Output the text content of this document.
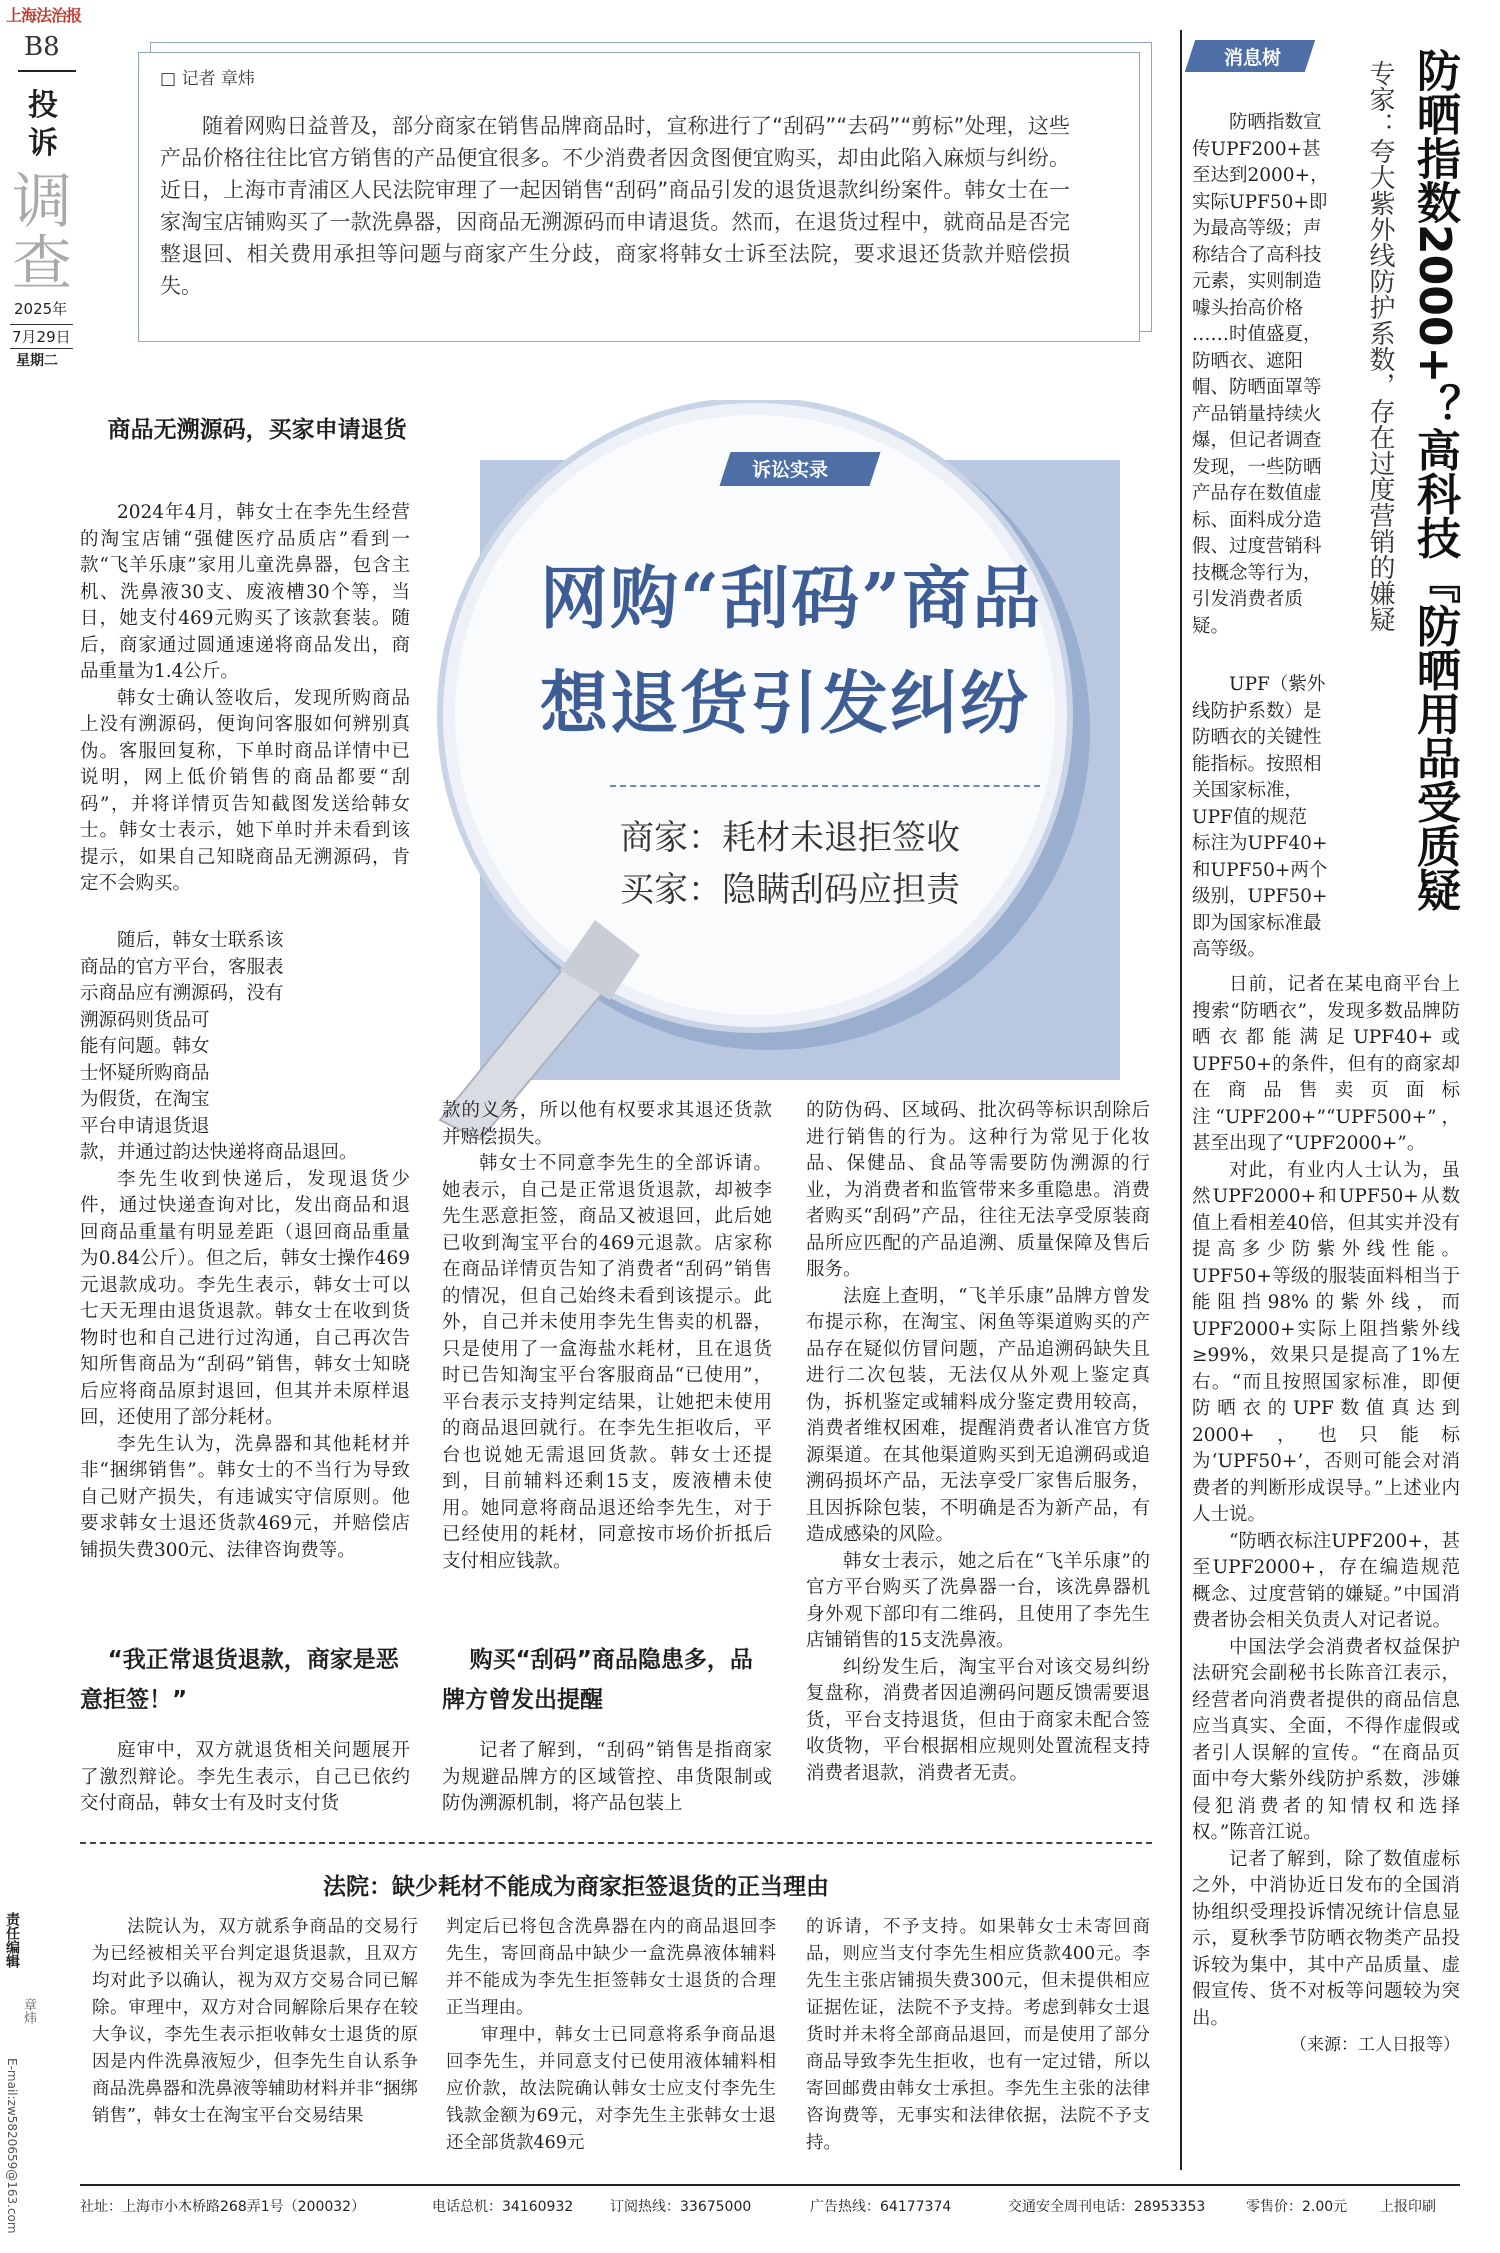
上海法治报
B8
投
诉
调
查
2025年
7月29日
星期二
□ 记者 章炜
随着网购日益普及，部分商家在销售品牌商品时，宣称进行了“刮码”“去码”“剪标”处理，这些产品价格往往比官方销售的产品便宜很多。不少消费者因贪图便宜购买，却由此陷入麻烦与纠纷。近日，上海市青浦区人民法院审理了一起因销售“刮码”商品引发的退货退款纠纷案件。韩女士在一家淘宝店铺购买了一款洗鼻器，因商品无溯源码而申请退货。然而，在退货过程中，就商品是否完整退回、相关费用承担等问题与商家产生分歧，商家将韩女士诉至法院，要求退还货款并赔偿损失。
诉讼实录
网购“刮码”商品
想退货引发纠纷
商家：耗材未退拒签收
买家：隐瞒刮码应担责
商品无溯源码，买家申请退货

2024年4月，韩女士在李先生经营的淘宝店铺“强健医疗品质店”看到一款“飞羊乐康”家用儿童洗鼻器，包含主机、洗鼻液30支、废液槽30个等，当日，她支付469元购买了该款套装。随后，商家通过圆通速递将商品发出，商品重量为1.4公斤。

韩女士确认签收后，发现所购商品上没有溯源码，便询问客服如何辨别真伪。客服回复称，下单时商品详情中已说明，网上低价销售的商品都要“刮码”，并将详情页告知截图发送给韩女士。韩女士表示，她下单时并未看到该提示，如果自己知晓商品无溯源码，肯定不会购买。

随后，韩女士联系该
商品的官方平台，客服表
示商品应有溯源码，没有
溯源码则货品可
能有问题。韩女
士怀疑所购商品
为假货，在淘宝
平台申请退货退

款，并通过韵达快递将商品退回。

李先生收到快递后，发现退货少件，通过快递查询对比，发出商品和退回商品重量有明显差距（退回商品重量为0.84公斤）。但之后，韩女士操作469元退款成功。李先生表示，韩女士可以七天无理由退货退款。韩女士在收到货物时也和自己进行过沟通，自己再次告知所售商品为“刮码”销售，韩女士知晓后应将商品原封退回，但其并未原样退回，还使用了部分耗材。

李先生认为，洗鼻器和其他耗材并非“捆绑销售”。韩女士的不当行为导致自己财产损失，有违诚实守信原则。他要求韩女士退还货款469元，并赔偿店铺损失费300元、法律咨询费等。

“我正常退货退款，商家是恶意拒签！”

庭审中，双方就退货相关问题展开了激烈辩论。李先生表示，自己已依约交付商品，韩女士有及时支付货

款的义务，所以他有权要求其退还货款并赔偿损失。

韩女士不同意李先生的全部诉请。她表示，自己是正常退货退款，却被李先生恶意拒签，商品又被退回，此后她已收到淘宝平台的469元退款。店家称在商品详情页告知了消费者“刮码”销售的情况，但自己始终未看到该提示。此外，自己并未使用李先生售卖的机器，只是使用了一盒海盐水耗材，且在退货时已告知淘宝平台客服商品“已使用”，平台表示支持判定结果，让她把未使用的商品退回就行。在李先生拒收后，平台也说她无需退回货款。韩女士还提到，目前辅料还剩15支，废液槽未使用。她同意将商品退还给李先生，对于已经使用的耗材，同意按市场价折抵后支付相应钱款。

购买“刮码”商品隐患多，品牌方曾发出提醒

记者了解到，“刮码”销售是指商家为规避品牌方的区域管控、串货限制或防伪溯源机制，将产品包装上

的防伪码、区域码、批次码等标识刮除后进行销售的行为。这种行为常见于化妆品、保健品、食品等需要防伪溯源的行业，为消费者和监管带来多重隐患。消费者购买“刮码”产品，往往无法享受原装商品所应匹配的产品追溯、质量保障及售后服务。

法庭上查明，“飞羊乐康”品牌方曾发布提示称，在淘宝、闲鱼等渠道购买的产品存在疑似仿冒问题，产品追溯码缺失且进行二次包装，无法仅从外观上鉴定真伪，拆机鉴定或辅料成分鉴定费用较高，消费者维权困难，提醒消费者认准官方货源渠道。在其他渠道购买到无追溯码或追溯码损坏产品，无法享受厂家售后服务，且因拆除包装，不明确是否为新产品，有造成感染的风险。

韩女士表示，她之后在“飞羊乐康”的官方平台购买了洗鼻器一台，该洗鼻器机身外观下部印有二维码，且使用了李先生店铺销售的15支洗鼻液。

纠纷发生后，淘宝平台对该交易纠纷复盘称，消费者因追溯码问题反馈需要退货，平台支持退货，但由于商家未配合签收货物，平台根据相应规则处置流程支持消费者退款，消费者无责。

法院：缺少耗材不能成为商家拒签退货的正当理由

法院认为，双方就系争商品的交易行为已经被相关平台判定退货退款，且双方均对此予以确认，视为双方交易合同已解除。审理中，双方对合同解除后果存在较大争议，李先生表示拒收韩女士退货的原因是内件洗鼻液短少，但李先生自认系争商品洗鼻器和洗鼻液等辅助材料并非“捆绑销售”，韩女士在淘宝平台交易结果

判定后已将包含洗鼻器在内的商品退回李先生，寄回商品中缺少一盒洗鼻液体辅料并不能成为李先生拒签韩女士退货的合理正当理由。

审理中，韩女士已同意将系争商品退回李先生，并同意支付已使用液体辅料相应价款，故法院确认韩女士应支付李先生钱款金额为69元，对李先生主张韩女士退还全部货款469元

的诉请，不予支持。如果韩女士未寄回商品，则应当支付李先生相应货款400元。李先生主张店铺损失费300元，但未提供相应证据佐证，法院不予支持。考虑到韩女士退货时并未将全部商品退回，而是使用了部分商品导致李先生拒收，也有一定过错，所以寄回邮费由韩女士承担。李先生主张的法律咨询费等，无事实和法律依据，法院不予支持。

消息树	防晒指数2000+？高科技『防晒用品受质疑
专家：夸大紫外线防护系数，存在过度营销的嫌疑
防晒指数宣
传UPF200+甚
至达到2000+，
实际UPF50+即
为最高等级；声
称结合了高科技
元素，实则制造
噱头抬高价格
……时值盛夏，
防晒衣、遮阳
帽、防晒面罩等
产品销量持续火
爆，但记者调查
发现，一些防晒
产品存在数值虚
标、面料成分造
假、过度营销科
技概念等行为，
引发消费者质
疑。
UPF（紫外
线防护系数）是
防晒衣的关键性
能指标。按照相
关国家标准，
UPF值的规范
标注为UPF40+
和UPF50+两个
级别，UPF50+
即为国家标准最
高等级。

日前，记者在某电商平台上搜索“防晒衣”，发现多数品牌防晒衣都能满足UPF40+或UPF50+的条件，但有的商家却在商品售卖页面标注“UPF200+”“UPF500+”，甚至出现了“UPF2000+”。

对此，有业内人士认为，虽然UPF2000+和UPF50+从数值上看相差40倍，但其实并没有提高多少防紫外线性能。UPF50+等级的服装面料相当于能阻挡98%的紫外线，而UPF2000+实际上阻挡紫外线≥99%，效果只是提高了1%左右。“而且按照国家标准，即便防晒衣的UPF数值真达到2000+，也只能标为‘UPF50+’，否则可能会对消费者的判断形成误导。”上述业内人士说。

“防晒衣标注UPF200+，甚至UPF2000+，存在编造规范概念、过度营销的嫌疑。”中国消费者协会相关负责人对记者说。

中国法学会消费者权益保护法研究会副秘书长陈音江表示，经营者向消费者提供的商品信息应当真实、全面，不得作虚假或者引人误解的宣传。“在商品页面中夸大紫外线防护系数，涉嫌侵犯消费者的知情权和选择权。”陈音江说。

记者了解到，除了数值虚标之外，中消协近日发布的全国消协组织受理投诉情况统计信息显示，夏秋季节防晒衣物类产品投诉较为集中，其中产品质量、虚假宣传、货不对板等问题较为突出。

（来源：工人日报等）

责任编辑
章炜
E-mail:zw5820659@163.com	社址：上海市小木桥路268弄1号（200032）	电话总机：34160932	订阅热线：33675000	广告热线：64177374	交通安全周刊电话：28953353	零售价：2.00元 上报印刷
